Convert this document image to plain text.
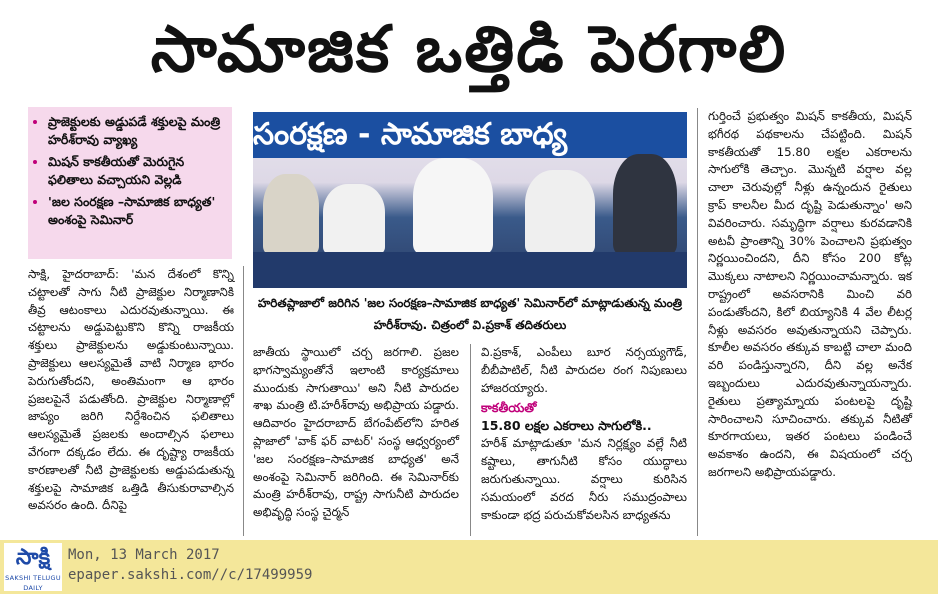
సామాజిక ఒత్తిడి పెరగాలి
• ప్రాజెక్టులకు అడ్డుపడే శక్తులపై మంత్రి హరీశ్‌రావు వ్యాఖ్య
• మిషన్ కాకతీయతో మెరుగైన ఫలితాలు వచ్చాయని వెల్లడి
• 'జల సంరక్షణ –సామాజిక బాధ్యత' అంశంపై సెమినార్
సంరక్షణ - సామాజిక బాధ్య
హరితప్లాజాలో జరిగిన 'జల సంరక్షణ–సామాజిక బాధ్యత' సెమినార్‌లో మాట్లాడుతున్న మంత్రి హరీశ్‌రావు. చిత్రంలో వి.ప్రకాశ్ తదితరులు

సాక్షి, హైదరాబాద్: 'మన దేశంలో కొన్ని చట్టాలతో సాగు నీటి ప్రాజెక్టుల నిర్మాణానికి తీవ్ర ఆటంకాలు ఎదురవుతున్నాయి. ఈ చట్టాలను అడ్డుపెట్టుకొని కొన్ని రాజకీయ శక్తులు ప్రాజెక్టులను అడ్డుకుంటున్నాయి. ప్రాజెక్టులు ఆలస్యమైతే వాటి నిర్మాణ భారం పెరుగుతోందని, అంతిమంగా ఆ భారం ప్రజలపైనే పడుతోంది. ప్రాజెక్టుల నిర్మాణాల్లో జాప్యం జరిగి నిర్దేశించిన ఫలితాలు ఆలస్యమైతే ప్రజలకు అందాల్సిన ఫలాలు వేగంగా దక్కడం లేదు. ఈ దృష్ట్యా రాజకీయ కారణాలతో నీటి ప్రాజెక్టులకు అడ్డుపడుతున్న శక్తులపై సామాజిక ఒత్తిడి తీసుకురావాల్సిన అవసరం ఉంది. దీనిపై

జాతీయ స్థాయిలో చర్చ జరగాలి. ప్రజల భాగస్వామ్యంతోనే ఇలాంటి కార్యక్రమాలు ముందుకు సాగుతాయి' అని నీటి పారుదల శాఖ మంత్రి టి.హరీశ్‌రావు అభిప్రాయ పడ్డారు. ఆదివారం హైదరాబాద్ బేగంపేట్‌లోని హరిత ప్లాజాలో 'వాక్ ఫర్ వాటర్' సంస్థ ఆధ్వర్యంలో 'జల సంరక్షణ–సామాజిక బాధ్యత' అనే అంశంపై సెమినార్ జరిగింది. ఈ సెమినార్‌కు మంత్రి హరీశ్‌రావు, రాష్ట్ర సాగునీటి పారుదల అభివృద్ధి సంస్థ చైర్మన్

వి.ప్రకాశ్, ఎంపీలు బూర నర్సయ్యగౌడ్, బీబీపాటిల్, నీటి పారుదల రంగ నిపుణులు హాజరయ్యారు.

కాకతీయతో
15.80 లక్షల ఎకరాలు సాగులోకి..

హరీశ్ మాట్లాడుతూ 'మన నిర్లక్ష్యం వల్లే నీటి కష్టాలు, తాగునీటి కోసం యుద్ధాలు జరుగుతున్నాయి. వర్షాలు కురిసిన సమయంలో వరద నీరు సముద్రంపాలు కాకుండా భద్ర పరుచుకోవలసిన బాధ్యతను

గుర్తించే ప్రభుత్వం మిషన్ కాకతీయ, మిషన్ భగీరథ పథకాలను చేపట్టింది. మిషన్ కాకతీయతో 15.80 లక్షల ఎకరాలను సాగులోకి తెచ్చాం. మొన్నటి వర్షాల వల్ల చాలా చెరువుల్లో నీళ్లు ఉన్నందున రైతులు క్రాప్ కాలనీల మీద దృష్టి పెడుతున్నాం' అని వివరించారు. సమృద్ధిగా వర్షాలు కురవడానికి అటవీ ప్రాంతాన్ని 30% పెంచాలని ప్రభుత్వం నిర్ణయించిందని, దీని కోసం 200 కోట్ల మొక్కలు నాటాలని నిర్ణయించామన్నారు. ఇక రాష్ట్రంలో అవసరానికి మించి వరి పండుతోందని, కిలో బియ్యానికి 4 వేల లీటర్ల నీళ్లు అవసరం అవుతున్నాయని చెప్పారు. కూలీల అవసరం తక్కువ కాబట్టి చాలా మంది వరి పండిస్తున్నారని, దీని వల్ల అనేక ఇబ్బందులు ఎదురవుతున్నాయన్నారు. రైతులు ప్రత్యామ్నాయ పంటలపై దృష్టి సారించాలని సూచించారు. తక్కువ నీటితో కూరగాయలు, ఇతర పంటలు పండించే అవకాశం ఉందని, ఈ విషయంలో చర్చ జరగాలని అభిప్రాయపడ్డారు.

సాక్షి
SAKSHI TELUGU DAILY
Mon, 13 March 2017
epaper.sakshi.com//c/17499959
